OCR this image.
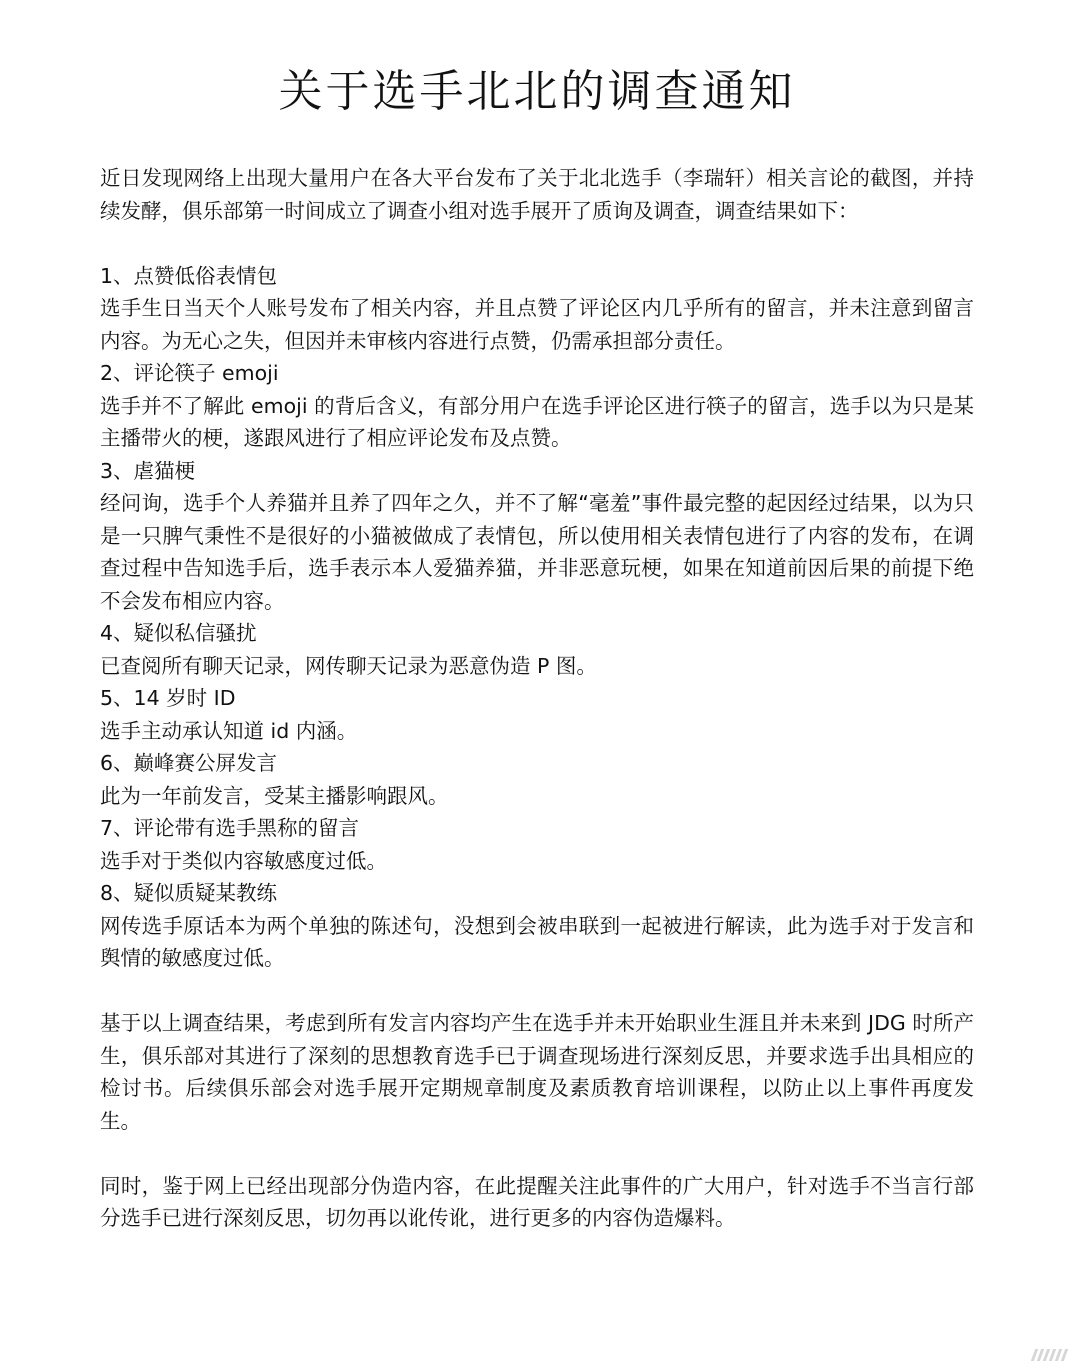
关于选手北北的调查通知

近日发现网络上出现大量用户在各大平台发布了关于北北选手（李瑞轩）相关言论的截图，并持续发酵，俱乐部第一时间成立了调查小组对选手展开了质询及调查，调查结果如下：

1、点赞低俗表情包

选手生日当天个人账号发布了相关内容，并且点赞了评论区内几乎所有的留言，并未注意到留言内容。为无心之失，但因并未审核内容进行点赞，仍需承担部分责任。

2、评论筷子 emoji

选手并不了解此 emoji 的背后含义，有部分用户在选手评论区进行筷子的留言，选手以为只是某主播带火的梗，遂跟风进行了相应评论发布及点赞。

3、虐猫梗

经问询，选手个人养猫并且养了四年之久，并不了解“毫羞”事件最完整的起因经过结果，以为只是一只脾气秉性不是很好的小猫被做成了表情包，所以使用相关表情包进行了内容的发布，在调查过程中告知选手后，选手表示本人爱猫养猫，并非恶意玩梗，如果在知道前因后果的前提下绝不会发布相应内容。

4、疑似私信骚扰

已查阅所有聊天记录，网传聊天记录为恶意伪造 P 图。

5、14 岁时 ID

选手主动承认知道 id 内涵。

6、巅峰赛公屏发言

此为一年前发言，受某主播影响跟风。

7、评论带有选手黑称的留言

选手对于类似内容敏感度过低。

8、疑似质疑某教练

网传选手原话本为两个单独的陈述句，没想到会被串联到一起被进行解读，此为选手对于发言和舆情的敏感度过低。

基于以上调查结果，考虑到所有发言内容均产生在选手并未开始职业生涯且并未来到 JDG 时所产生，俱乐部对其进行了深刻的思想教育选手已于调查现场进行深刻反思，并要求选手出具相应的检讨书。后续俱乐部会对选手展开定期规章制度及素质教育培训课程，以防止以上事件再度发生。

同时，鉴于网上已经出现部分伪造内容，在此提醒关注此事件的广大用户，针对选手不当言行部分选手已进行深刻反思，切勿再以讹传讹，进行更多的内容伪造爆料。
